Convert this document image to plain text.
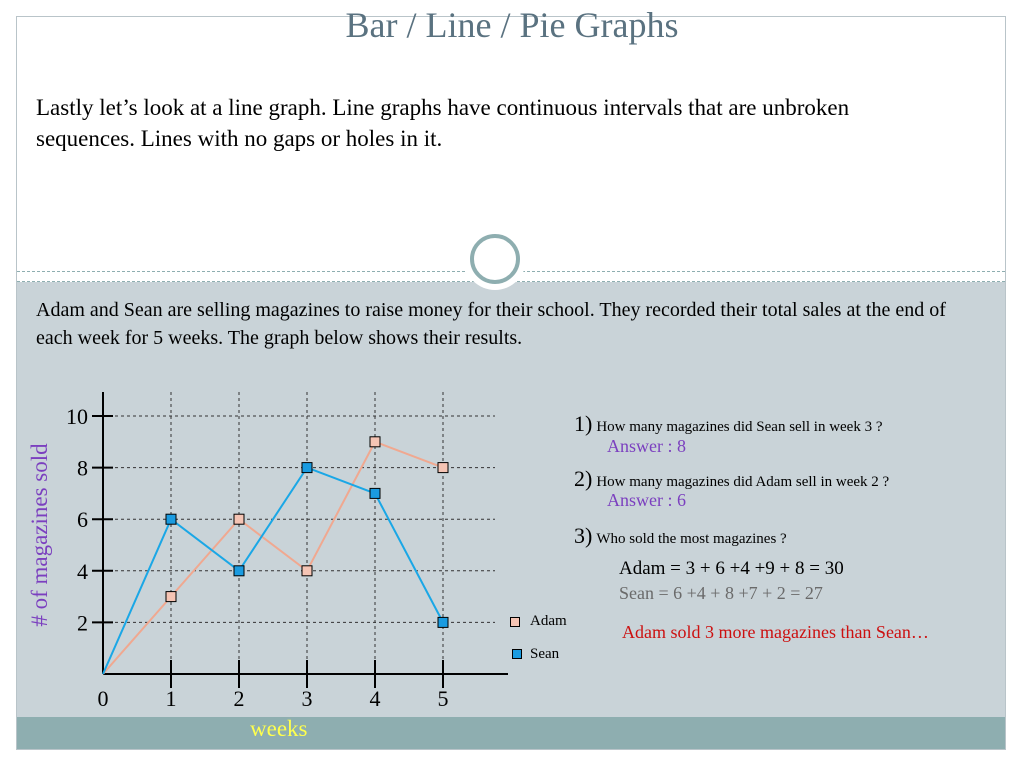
Bar / Line / Pie Graphs

Lastly let’s look at a line graph. Line graphs have continuous intervals that are unbroken sequences. Lines with no gaps or holes in it.

Adam and Sean are selling magazines to raise money for their school. They recorded their total sales at the end of each week for 5 weeks. The graph below shows their results.

2
4
6
8
10
0	1	2	3	4	5
# of magazines sold
weeks
Adam
Sean
1) How many magazines did Sean sell in week 3 ?
Answer : 8
2) How many magazines did Adam sell in week 2 ?
Answer : 6
3) Who sold the most magazines ?
Adam = 3 + 6 +4 +9 + 8 = 30
Sean = 6 +4 + 8 +7 + 2 = 27
Adam sold 3 more magazines than Sean…
